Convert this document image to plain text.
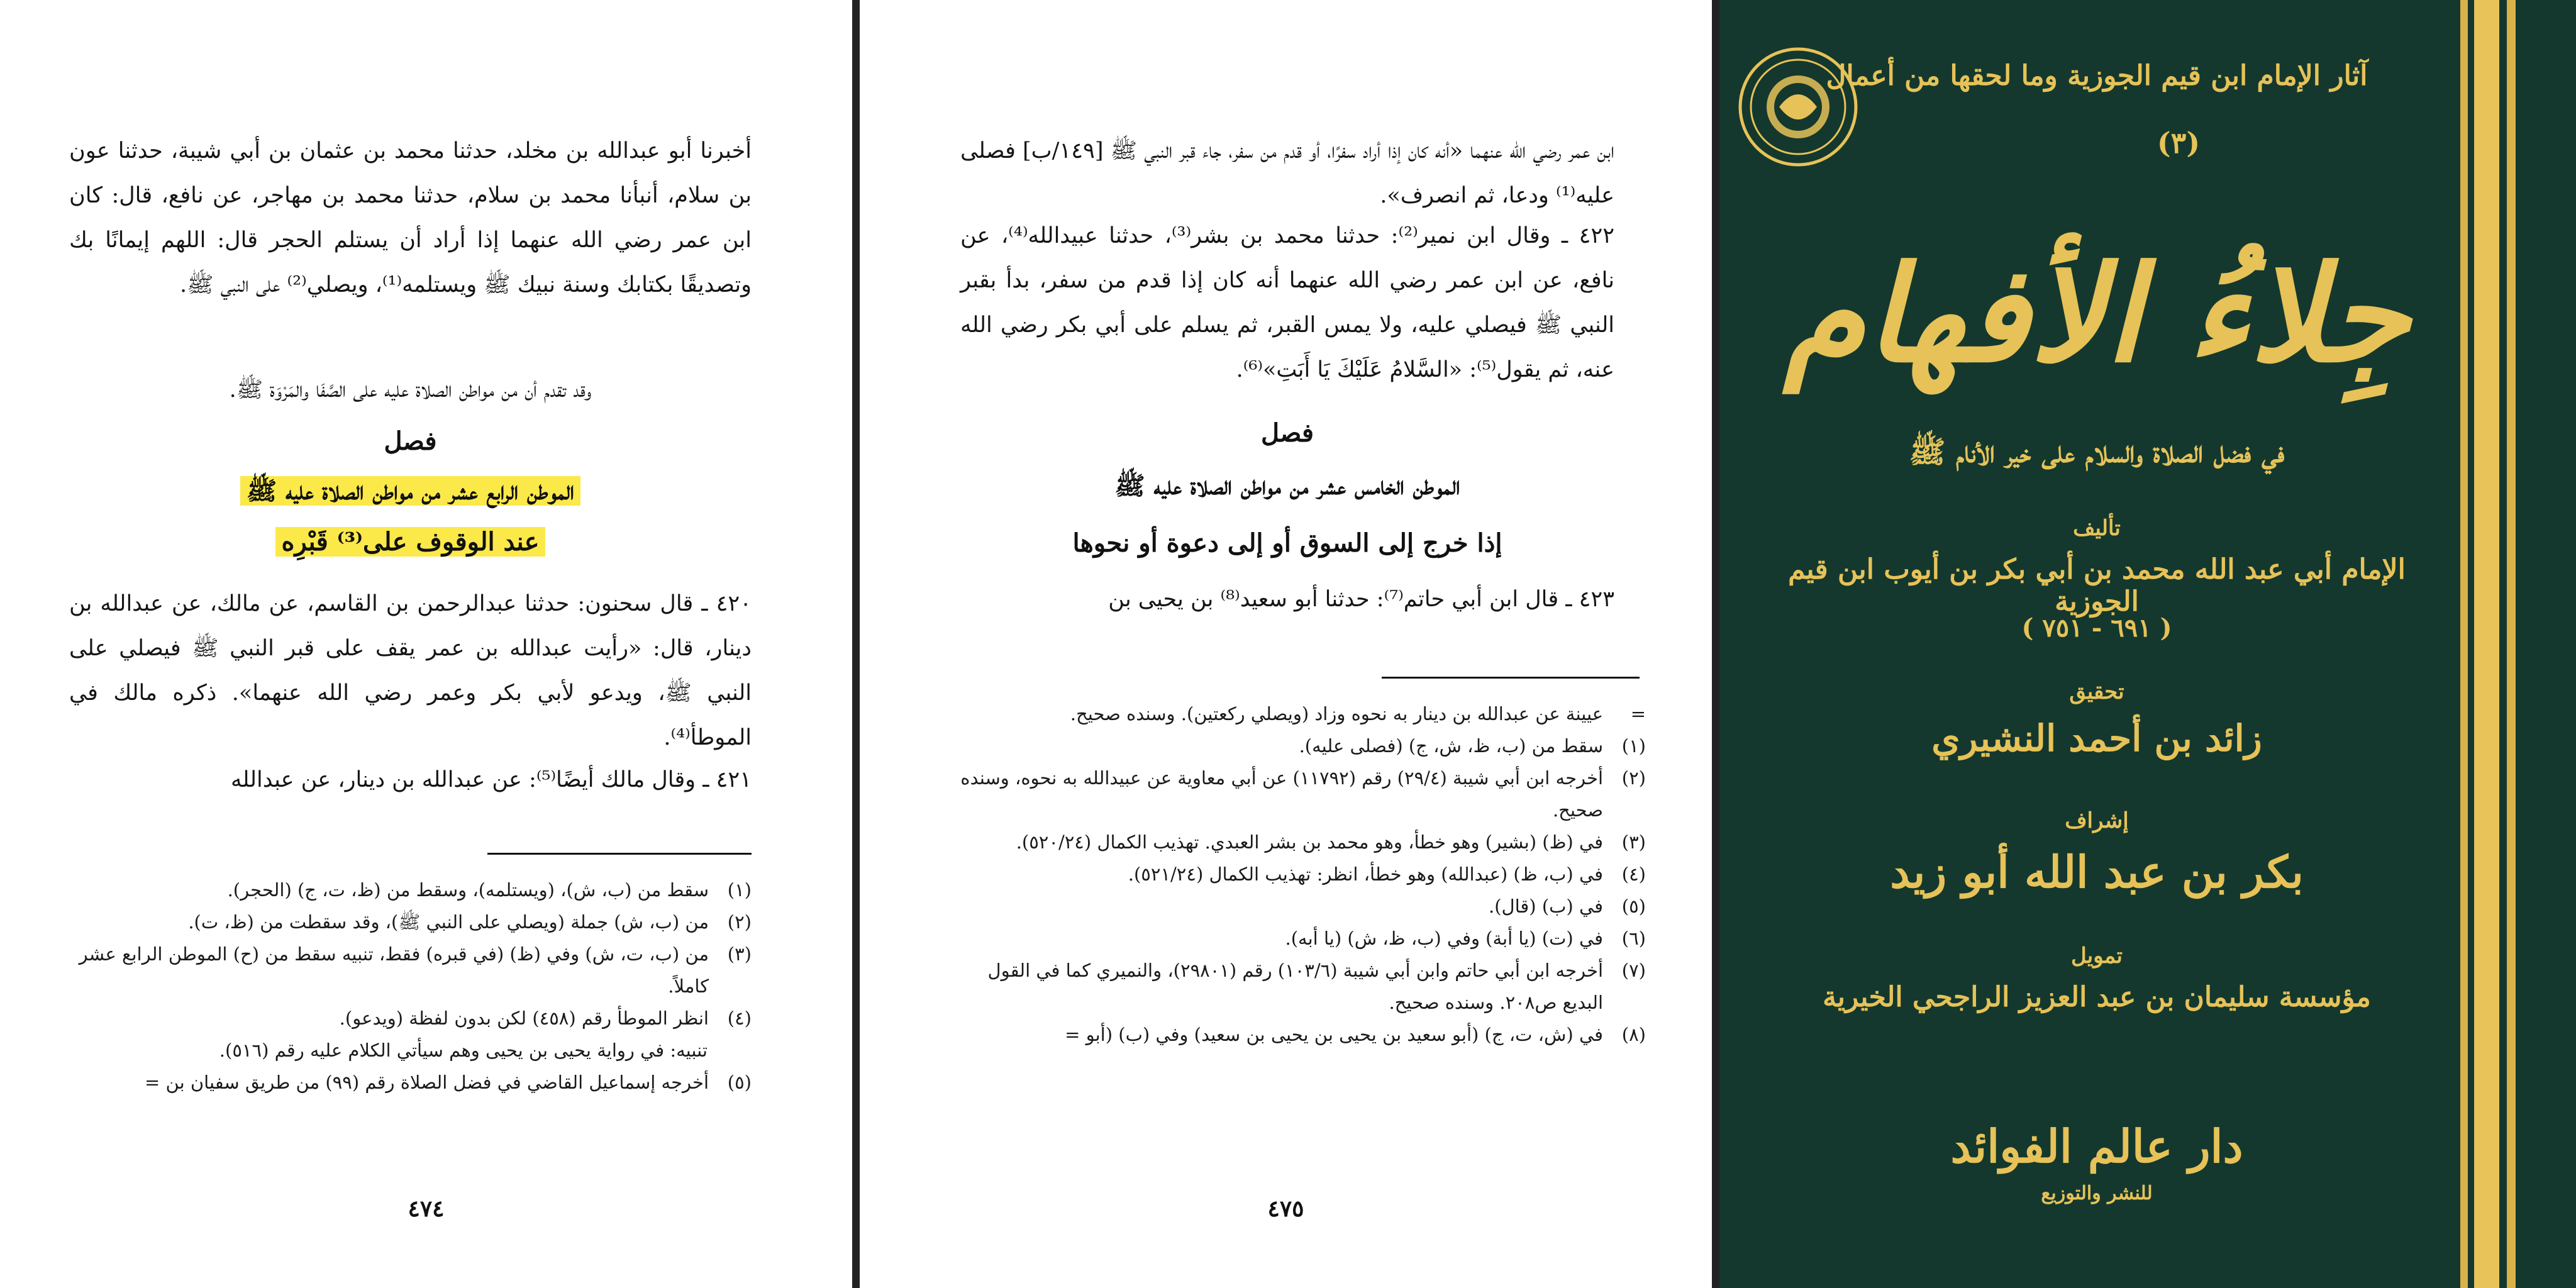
أخبرنا أبو عبدالله بن مخلد، حدثنا محمد بن عثمان بن أبي شيبة، حدثنا عون بن سلام، أنبأنا محمد بن سلام، حدثنا محمد بن مهاجر، عن نافع، قال: كان ابن عمر رضي الله عنهما إذا أراد أن يستلم الحجر قال: اللهم إيمانًا بك وتصديقًا بكتابك وسنة نبيك ﷺ ويستلمه⁽¹⁾، ويصلي⁽²⁾ على النبي ﷺ.
وقد تقدم أن من مواطن الصلاة عليه على الصَّفَا والمَرْوَة ﷺ.
فصل
الموطن الرابع عشر من مواطن الصلاة عليه ﷺ
عند الوقوف على⁽³⁾ قَبْرِه
٤٢٠ ـ قال سحنون: حدثنا عبدالرحمن بن القاسم، عن مالك، عن عبدالله بن دينار، قال: «رأيت عبدالله بن عمر يقف على قبر النبي ﷺ فيصلي على النبي ﷺ، ويدعو لأبي بكر وعمر رضي الله عنهما». ذكره مالك في الموطأ⁽⁴⁾.
٤٢١ ـ وقال مالك أيضًا⁽⁵⁾: عن عبدالله بن دينار، عن عبدالله
(١)
سقط من (ب، ش)، (ويستلمه)، وسقط من (ظ، ت، ج) (الحجر).
(٢)
من (ب، ش) جملة (ويصلي على النبي ﷺ)، وقد سقطت من (ظ، ت).
(٣)
من (ب، ت، ش) وفي (ظ) (في قبره) فقط، تنبيه سقط من (ح) الموطن الرابع عشر كاملاً.
(٤)
انظر الموطأ رقم (٤٥٨) لكن بدون لفظة (ويدعو).
تنبيه: في رواية يحيى بن يحيى وهم سيأتي الكلام عليه رقم (٥١٦).
(٥)
أخرجه إسماعيل القاضي في فضل الصلاة رقم (٩٩) من طريق سفيان بن =
٤٧٤
ابن عمر رضي الله عنهما «أنه كان إذا أراد سفرًا، أو قدم من سفر، جاء قبر النبي ﷺ [١٤٩/ب] فصلى عليه⁽¹⁾ ودعا، ثم انصرف».
٤٢٢ ـ وقال ابن نمير⁽²⁾: حدثنا محمد بن بشر⁽³⁾، حدثنا عبيدالله⁽⁴⁾، عن نافع، عن ابن عمر رضي الله عنهما أنه كان إذا قدم من سفر، بدأ بقبر النبي ﷺ فيصلي عليه، ولا يمس القبر، ثم يسلم على أبي بكر رضي الله عنه، ثم يقول⁽⁵⁾: «السَّلامُ عَلَيْكَ يَا أَبَتِ»⁽⁶⁾.
فصل
الموطن الخامس عشر من مواطن الصلاة عليه ﷺ
إذا خرج إلى السوق أو إلى دعوة أو نحوها
٤٢٣ ـ قال ابن أبي حاتم⁽⁷⁾: حدثنا أبو سعيد⁽⁸⁾ بن يحيى بن
=
عيينة عن عبدالله بن دينار به نحوه وزاد (ويصلي ركعتين). وسنده صحيح.
(١)
سقط من (ب، ظ، ش، ج) (فصلى عليه).
(٢)
أخرجه ابن أبي شيبة (٢٩/٤) رقم (١١٧٩٢) عن أبي معاوية عن عبيدالله به نحوه، وسنده صحيح.
(٣)
في (ظ) (بشير) وهو خطأ، وهو محمد بن بشر العبدي. تهذيب الكمال (٥٢٠/٢٤).
(٤)
في (ب، ظ) (عبدالله) وهو خطأ، انظر: تهذيب الكمال (٥٢١/٢٤).
(٥)
في (ب) (قال).
(٦)
في (ت) (يا أبة) وفي (ب، ظ، ش) (يا أبه).
(٧)
أخرجه ابن أبي حاتم وابن أبي شيبة (١٠٣/٦) رقم (٢٩٨٠١)، والنميري كما في القول البديع ص٢٠٨. وسنده صحيح.
(٨)
في (ش، ت، ج) (أبو سعيد بن يحيى بن يحيى بن سعيد) وفي (ب) (أبو =
٤٧٥
آثار الإمام ابن قيم الجوزية وما لحقها من أعمال
(٣)
جِلاءُ الأفهام
في فضل الصلاة والسلام على خير الأنام ﷺ
تأليف
الإمام أبي عبد الله محمد بن أبي بكر بن أيوب ابن قيم الجوزية
( ٦٩١ - ٧٥١ )
تحقيق
زائد بن أحمد النشيري
إشراف
بكر بن عبد الله أبو زيد
تمويل
مؤسسة سليمان بن عبد العزيز الراجحي الخيرية
دار عالم الفوائد
للنشر والتوزيع
